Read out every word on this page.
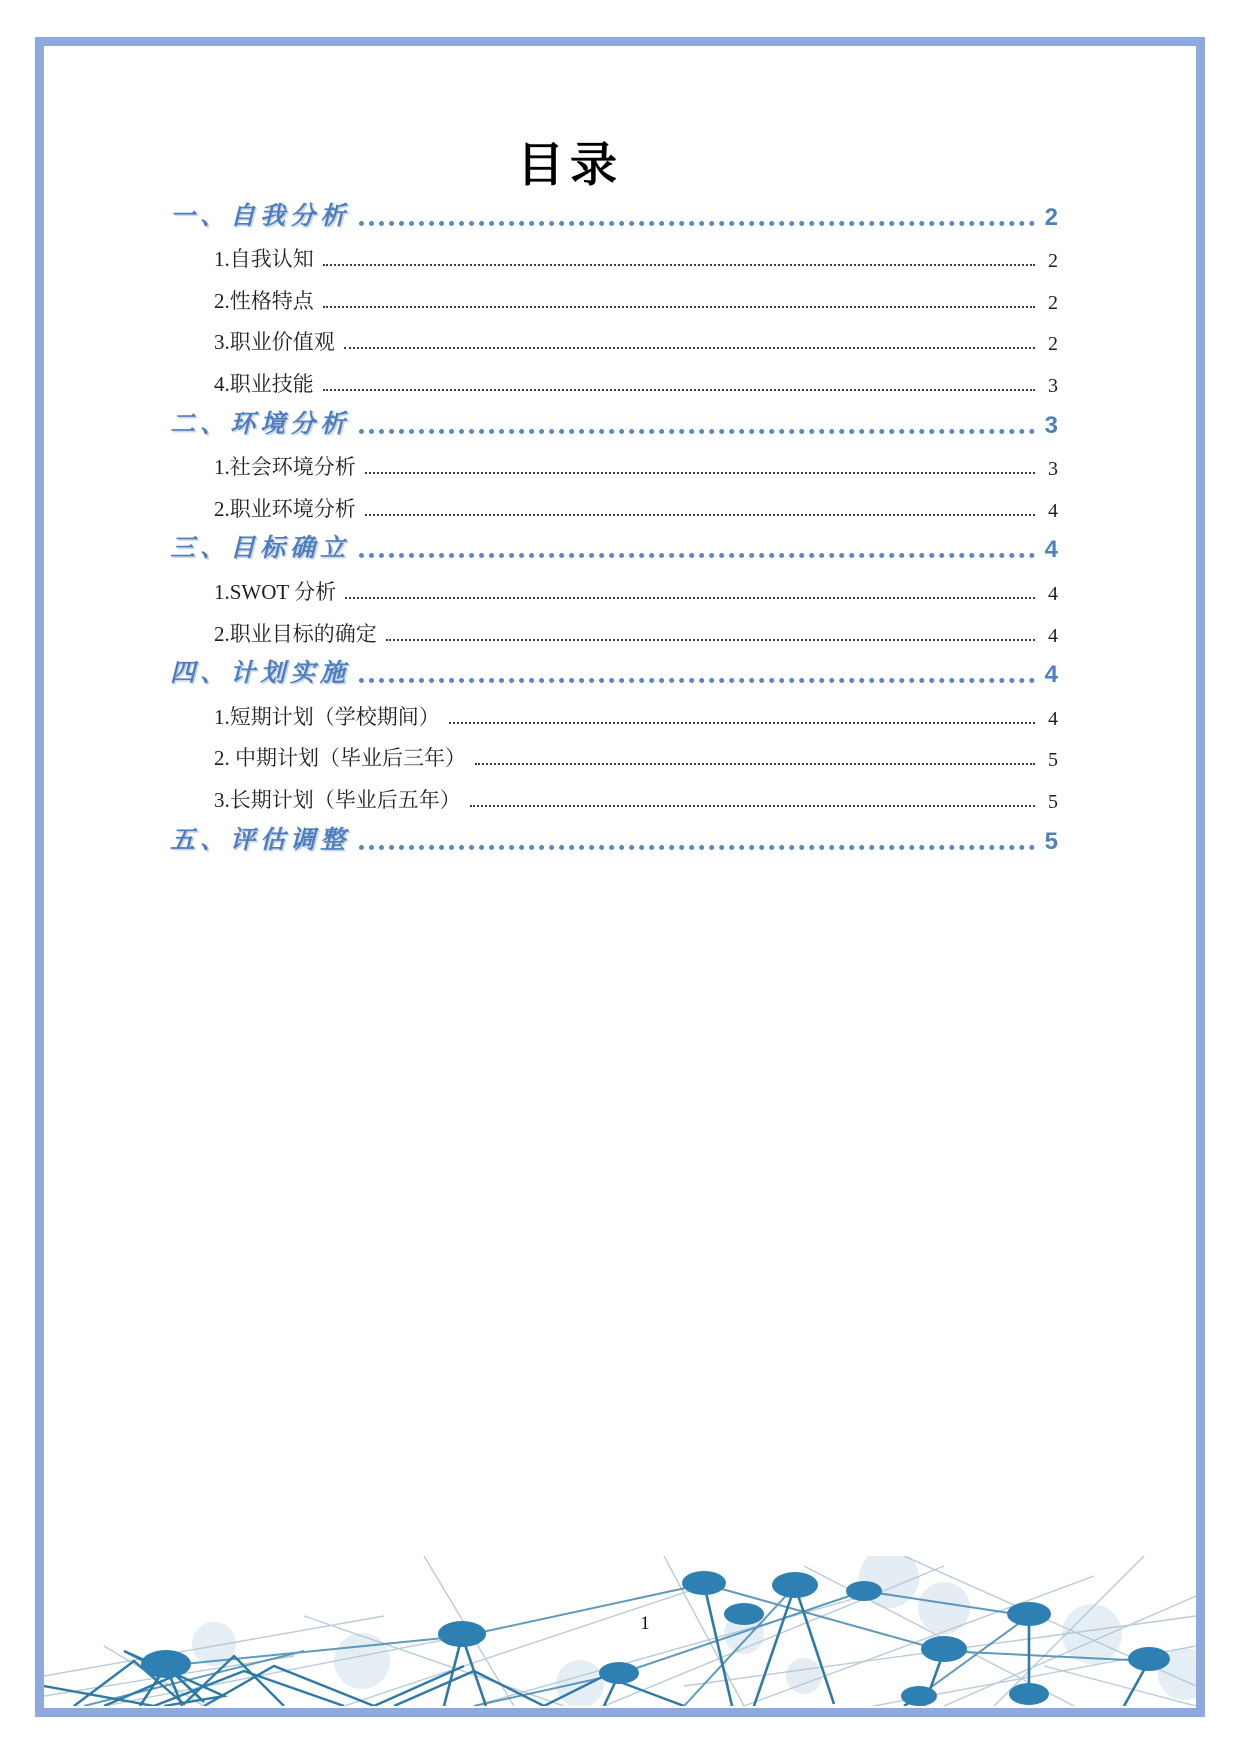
目录
一、自我分析	2
1.自我认知	2
2.性格特点	2
3.职业价值观	2
4.职业技能	3
二、环境分析	3
1.社会环境分析	3
2.职业环境分析	4
三、目标确立	4
1.SWOT 分析	4
2.职业目标的确定	4
四、计划实施	4
1.短期计划（学校期间）	4
2. 中期计划（毕业后三年）	5
3.长期计划（毕业后五年）	5
五、评估调整	5
1
